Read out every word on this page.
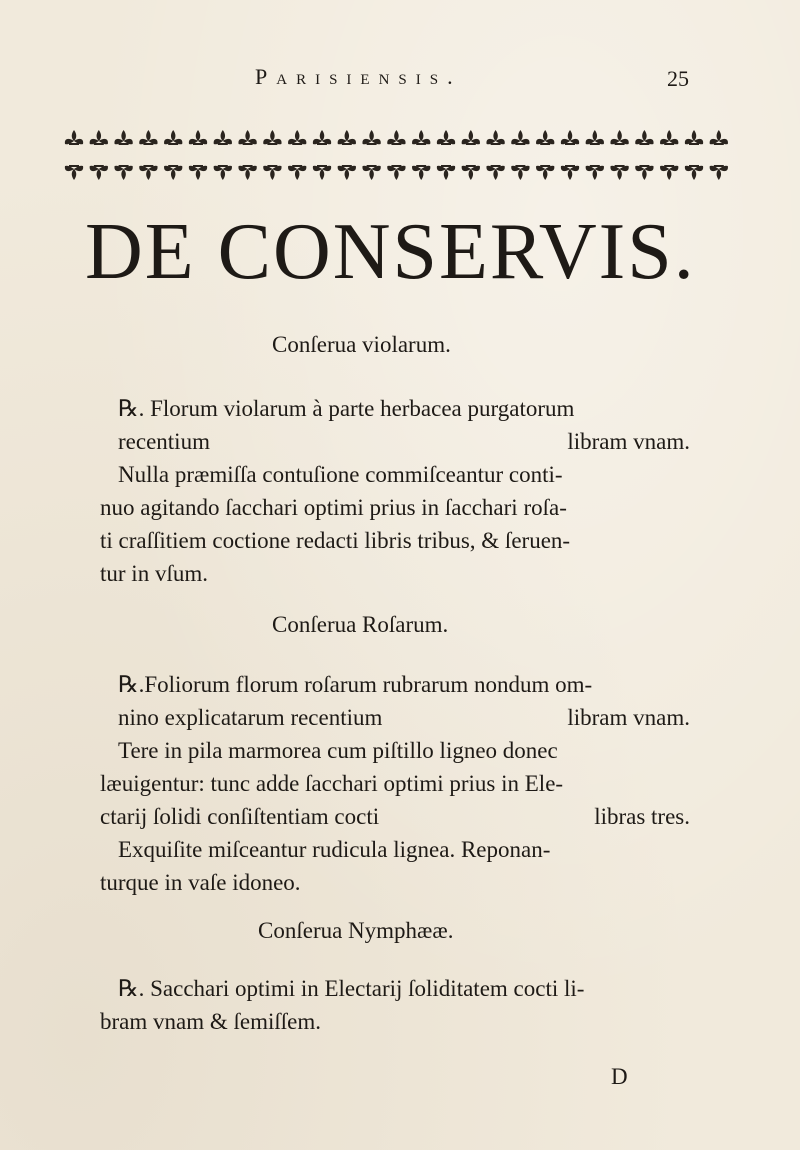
Parisiensis.	25
DE CONSERVIS.
Conſerua violarum.
℞. Florum violarum à parte herbacea purgatorum
recentium	libram vnam.
Nulla præmiſſa contuſione commiſceantur conti-
nuo agitando ſacchari optimi prius in ſacchari roſa-
ti craſſitiem coctione redacti libris tribus, & ſeruen-
tur in vſum.
Conſerua Roſarum.
℞.Foliorum florum roſarum rubrarum nondum om-
nino explicatarum recentium	libram vnam.
Tere in pila marmorea cum piſtillo ligneo donec
læuigentur: tunc adde ſacchari optimi prius in Ele-
ctarij ſolidi conſiſtentiam cocti	libras tres.
Exquiſite miſceantur rudicula lignea. Reponan-
turque in vaſe idoneo.
Conſerua Nymphææ.
℞. Sacchari optimi in Electarij ſoliditatem cocti li-
bram vnam & ſemiſſem.
D
